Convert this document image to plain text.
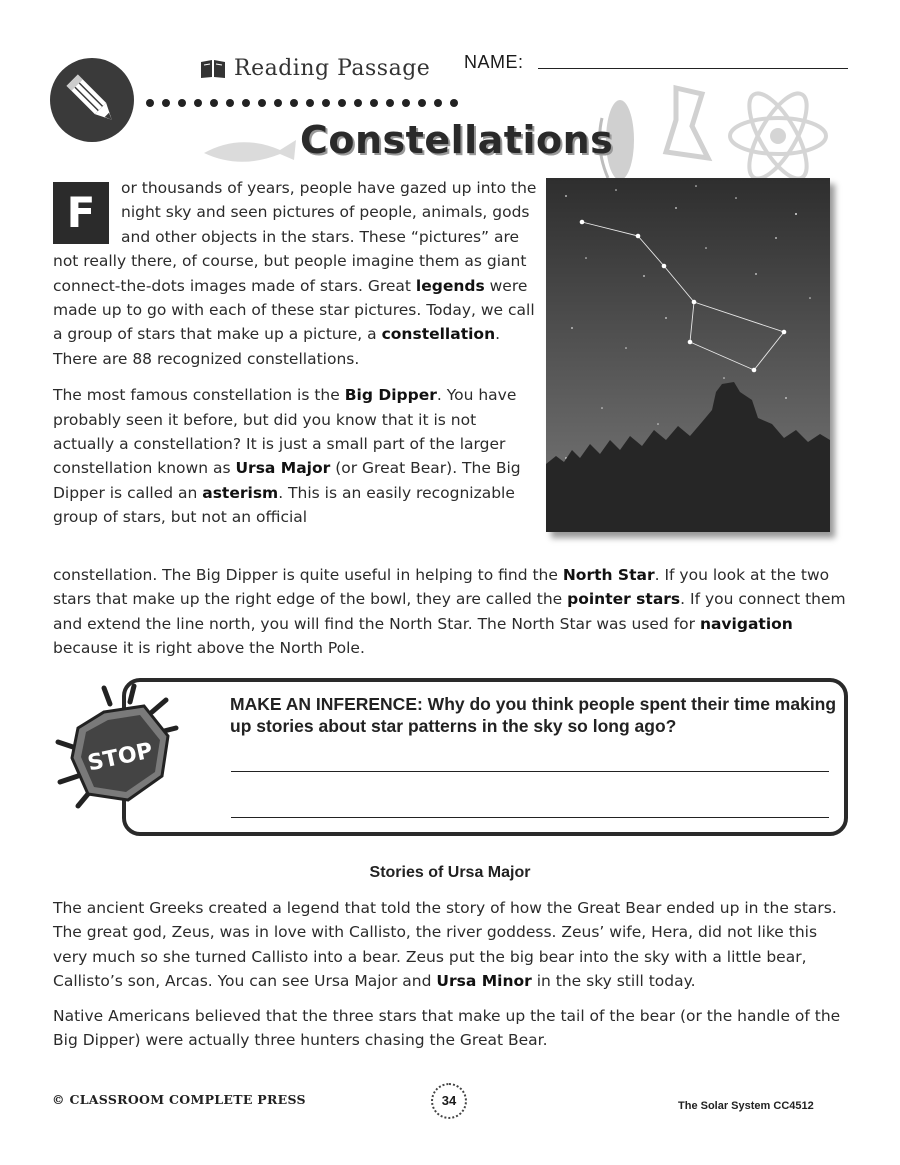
Reading Passage NAME:
Constellations

F	or thousands of years, people have gazed up into the night sky and seen pictures of people, animals, gods and other objects in the stars. These “pictures” are not really there, of course, but people imagine them as giant connect-the-dots images made of stars. Great legends were made up to go with each of these star pictures. Today, we call a group of stars that make up a picture, a constellation. There are 88 recognized constellations.

The most famous constellation is the Big Dipper. You have probably seen it before, but did you know that it is not actually a constellation? It is just a small part of the larger constellation known as Ursa Major (or Great Bear). The Big Dipper is called an asterism. This is an easily recognizable group of stars, but not an official

constellation. The Big Dipper is quite useful in helping to find the North Star. If you look at the two stars that make up the right edge of the bowl, they are called the pointer stars. If you connect them and extend the line north, you will find the North Star. The North Star was used for navigation because it is right above the North Pole.

STOP
MAKE AN INFERENCE: Why do you think people spent their time making up stories about star patterns in the sky so long ago?
Stories of Ursa Major

The ancient Greeks created a legend that told the story of how the Great Bear ended up in the stars. The great god, Zeus, was in love with Callisto, the river goddess. Zeus’ wife, Hera, did not like this very much so she turned Callisto into a bear. Zeus put the big bear into the sky with a little bear, Callisto’s son, Arcas. You can see Ursa Major and Ursa Minor in the sky still today.

Native Americans believed that the three stars that make up the tail of the bear (or the handle of the Big Dipper) were actually three hunters chasing the Great Bear.

© CLASSROOM COMPLETE PRESS	34	The Solar System CC4512
